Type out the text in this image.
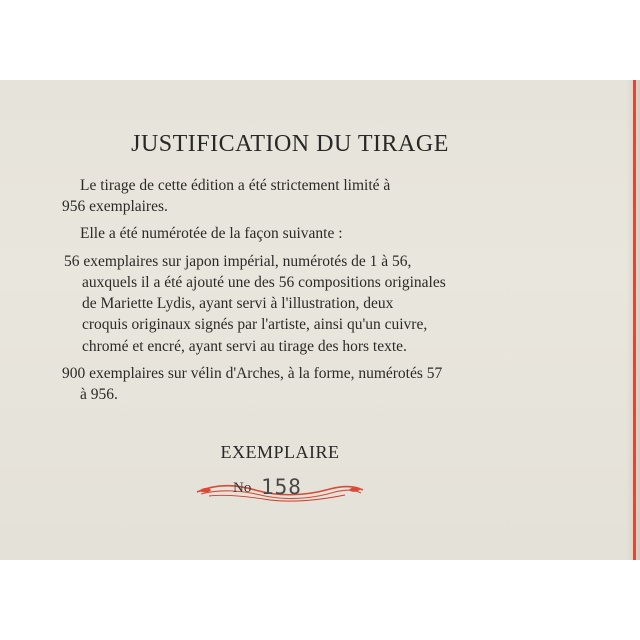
JUSTIFICATION DU TIRAGE

Le tirage de cette édition a été strictement limité à

956 exemplaires.

Elle a été numérotée de la façon suivante :

56 exemplaires sur japon impérial, numérotés de 1 à 56,

auxquels il a été ajouté une des 56 compositions originales

de Mariette Lydis, ayant servi à l'illustration, deux

croquis originaux signés par l'artiste, ainsi qu'un cuivre,

chromé et encré, ayant servi au tirage des hors texte.

900 exemplaires sur vélin d'Arches, à la forme, numérotés 57

à 956.

EXEMPLAIRE
No 158
